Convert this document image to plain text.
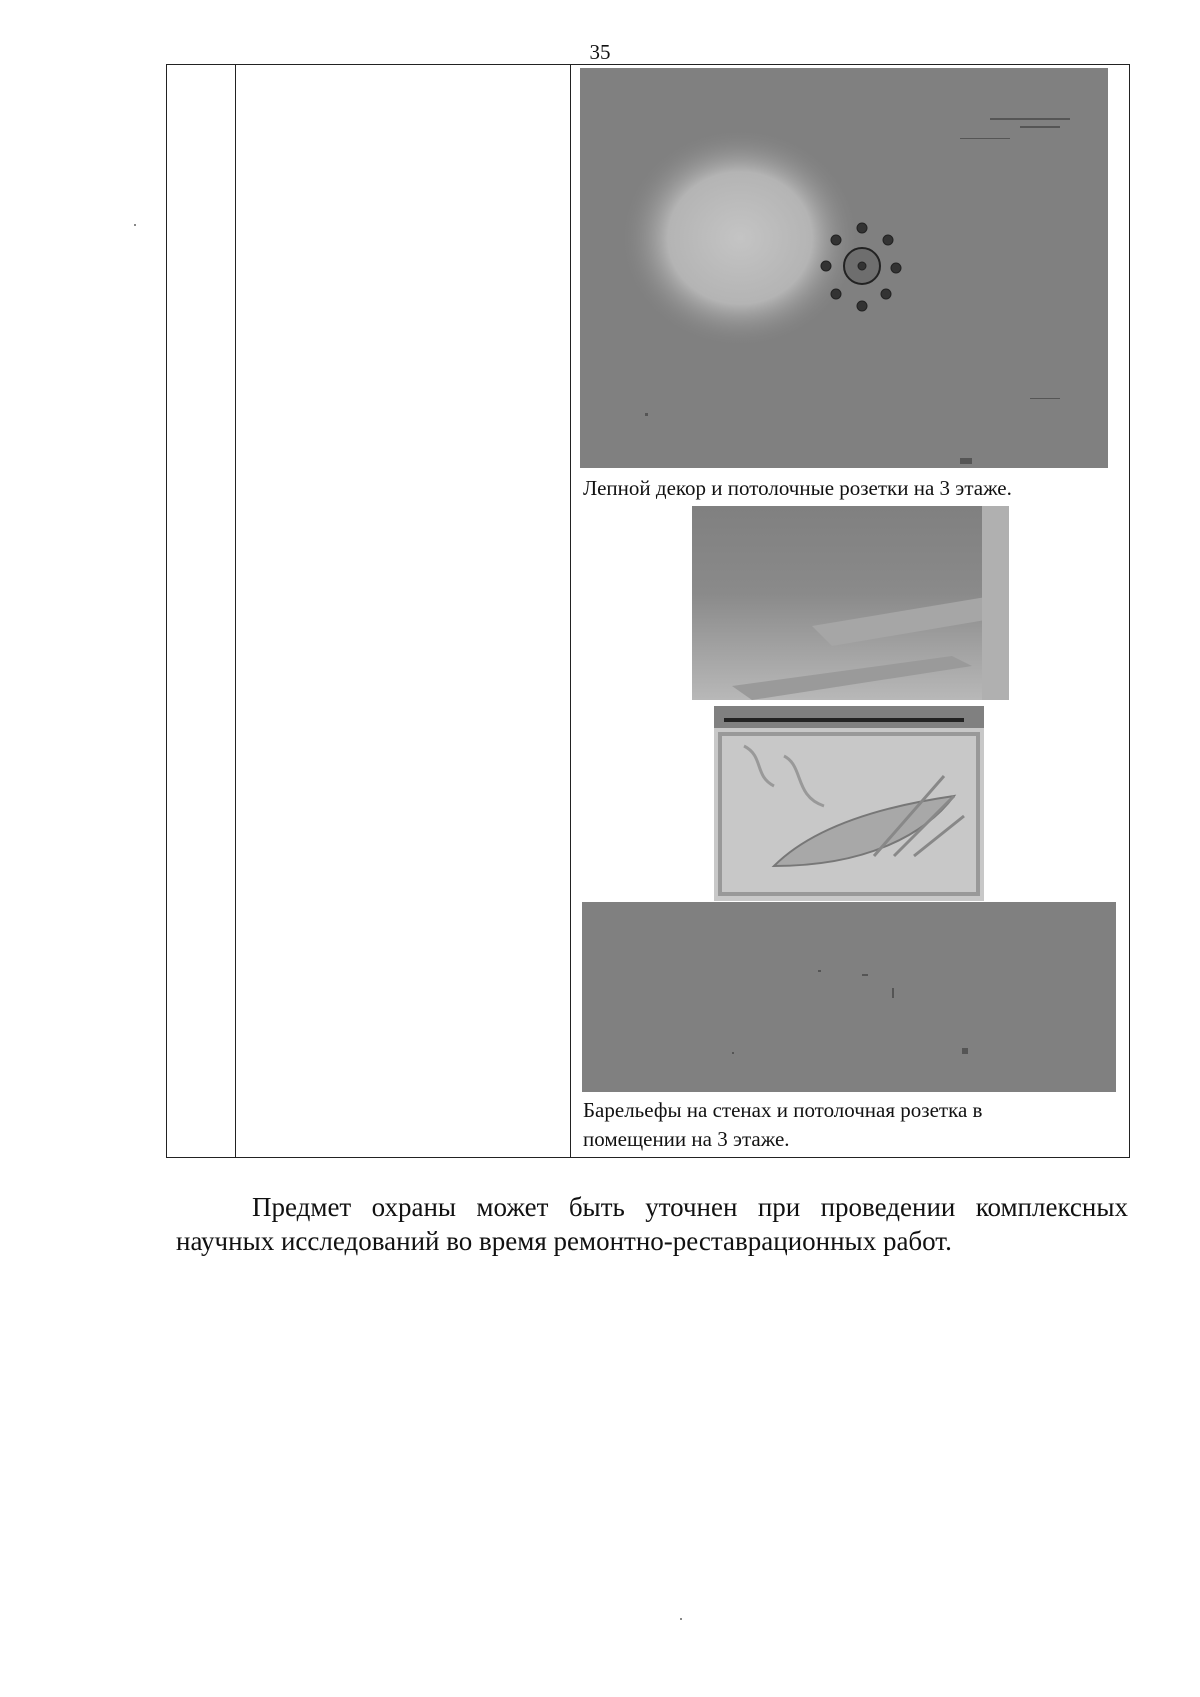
35
Лепной декор и потолочные розетки на 3 этаже.
Барельефы на стенах и потолочная розетка в
помещении на 3 этаже.
Предмет охраны может быть уточнен при проведении комплексных научных исследований во время ремонтно-реставрационных работ.
